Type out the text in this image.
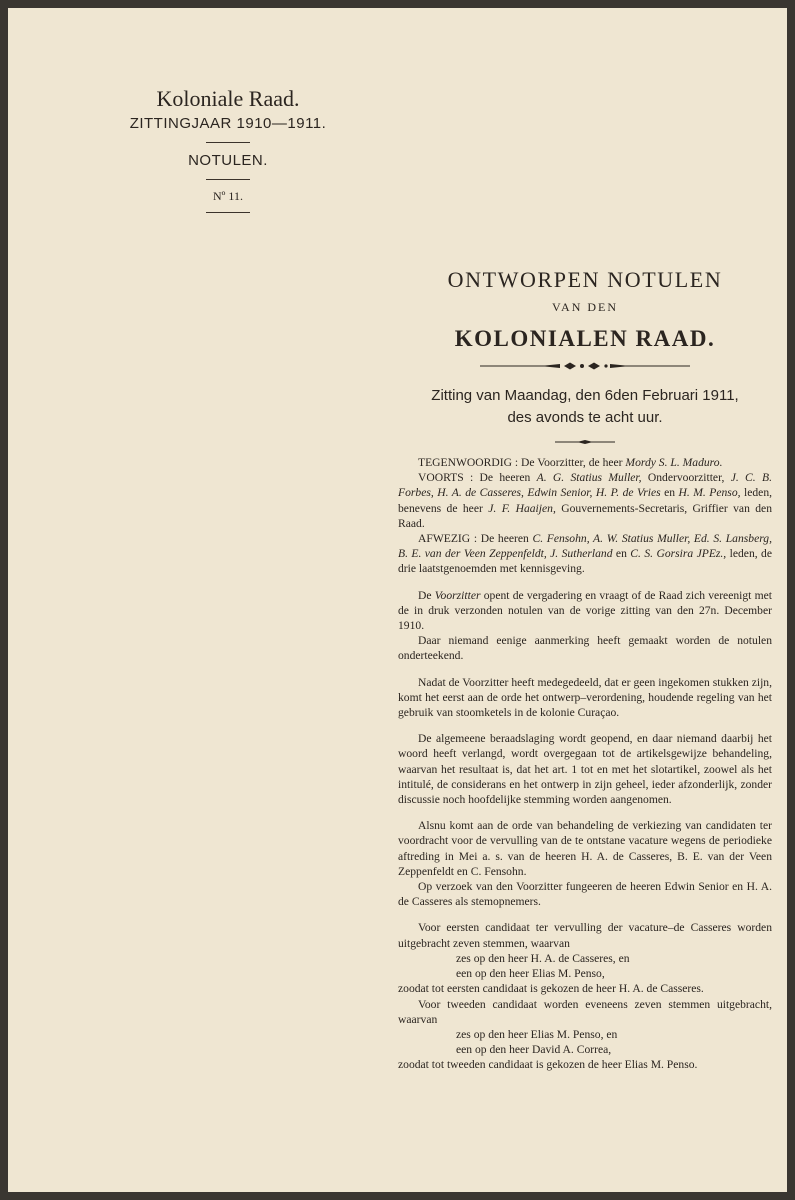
Koloniale Raad.
ZITTINGJAAR 1910—1911.
NOTULEN.
Nº 11.
ONTWORPEN NOTULEN
VAN DEN
KOLONIALEN RAAD.
Zitting van Maandag, den 6den Februari 1911,
des avonds te acht uur.

TEGENWOORDIG : De Voorzitter, de heer Mordy S. L. Maduro.

VOORTS : De heeren A. G. Statius Muller, Ondervoorzitter, J. C. B. Forbes, H. A. de Casseres, Edwin Senior, H. P. de Vries en H. M. Penso, leden, benevens de heer J. F. Haaijen, Gouvernements-Secretaris, Griffier van den Raad.

AFWEZIG : De heeren C. Fensohn, A. W. Statius Muller, Ed. S. Lansberg, B. E. van der Veen Zeppenfeldt, J. Sutherland en C. S. Gorsira JPEz., leden, de drie laatstgenoemden met kennisgeving.

De Voorzitter opent de vergadering en vraagt of de Raad zich vereenigt met de in druk verzonden notulen van de vorige zitting van den 27n. December 1910.

Daar niemand eenige aanmerking heeft gemaakt worden de notulen onderteekend.

Nadat de Voorzitter heeft medegedeeld, dat er geen ingekomen stukken zijn, komt het eerst aan de orde het ontwerp–verordening, houdende regeling van het gebruik van stoomketels in de kolonie Curaçao.

De algemeene beraadslaging wordt geopend, en daar niemand daarbij het woord heeft verlangd, wordt overgegaan tot de artikelsgewijze behandeling, waarvan het resultaat is, dat het art. 1 tot en met het slotartikel, zoowel als het intitulé, de considerans en het ontwerp in zijn geheel, ieder afzonderlijk, zonder discussie noch hoofdelijke stemming worden aangenomen.

Alsnu komt aan de orde van behandeling de verkiezing van candidaten ter voordracht voor de vervulling van de te ontstane vacature wegens de periodieke aftreding in Mei a. s. van de heeren H. A. de Casseres, B. E. van der Veen Zeppenfeldt en C. Fensohn.

Op verzoek van den Voorzitter fungeeren de heeren Edwin Senior en H. A. de Casseres als stemopnemers.

Voor eersten candidaat ter vervulling der vacature–de Casseres worden uitgebracht zeven stemmen, waarvan

zes op den heer H. A. de Casseres, en

een op den heer Elias M. Penso,

zoodat tot eersten candidaat is gekozen de heer H. A. de Casseres.

Voor tweeden candidaat worden eveneens zeven stemmen uitgebracht, waarvan

zes op den heer Elias M. Penso, en

een op den heer David A. Correa,

zoodat tot tweeden candidaat is gekozen de heer Elias M. Penso.
